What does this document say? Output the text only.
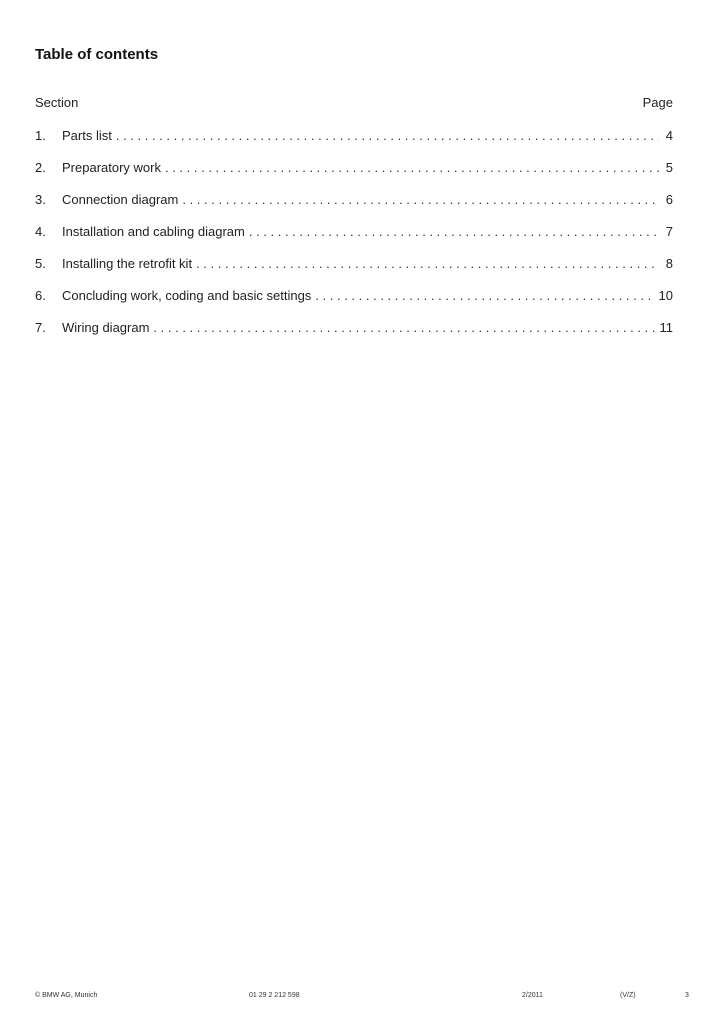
Table of contents
Section	Page
1. Parts list . . .	4
2. Preparatory work . . .	5
3. Connection diagram . . .	6
4. Installation and cabling diagram . . .	7
5. Installing the retrofit kit . . .	8
6. Concluding work, coding and basic settings . . .	10
7. Wiring diagram . . .	11
© BMW AG, Munich	01 29 2 212 598	2/2011	(V/Z)	3
